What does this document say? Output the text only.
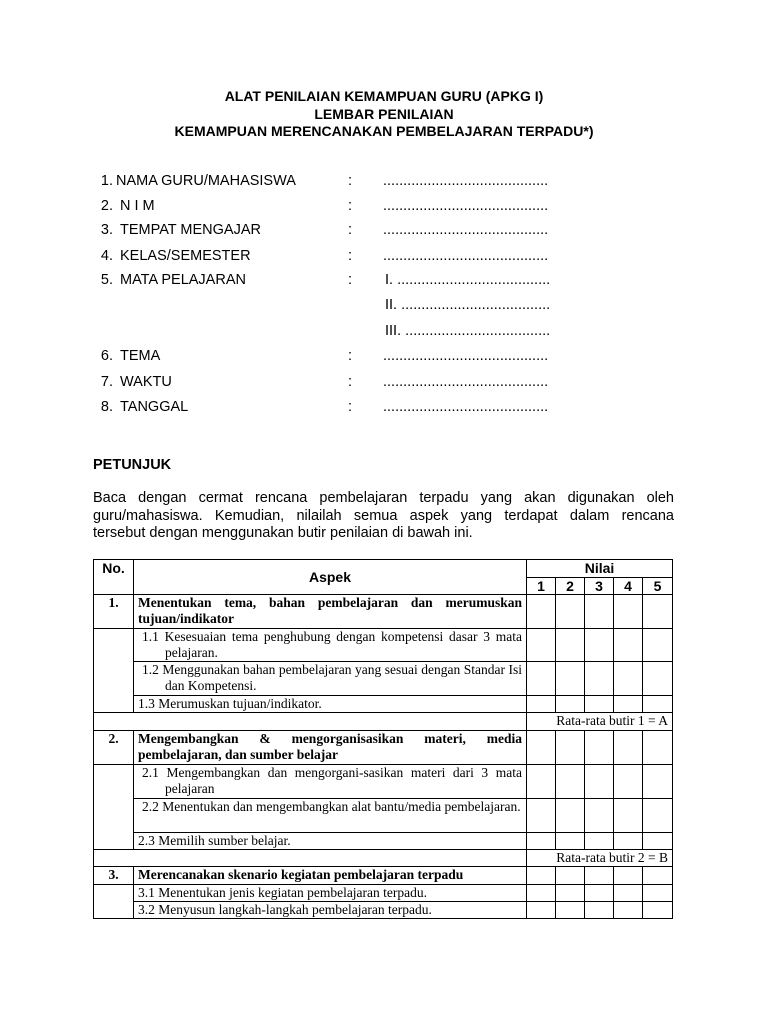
ALAT PENILAIAN KEMAMPUAN GURU (APKG I)
LEMBAR PENILAIAN
KEMAMPUAN MERENCANAKAN PEMBELAJARAN TERPADU*)
1. NAMA GURU/MAHASISWA	: .........................................
2. N I M	: .........................................
3. TEMPAT MENGAJAR	: .........................................
4. KELAS/SEMESTER	: .........................................
5. MATA PELAJARAN	: I. ......................................
II. .....................................
III. ....................................
6. TEMA	: .........................................
7. WAKTU	: .........................................
8. TANGGAL	: .........................................
PETUNJUK

Baca dengan cermat rencana pembelajaran terpadu yang akan digunakan oleh
guru/mahasiswa. Kemudian, nilailah semua aspek yang terdapat dalam rencana
tersebut dengan menggunakan butir penilaian di bawah ini.

No.	Aspek	Nilai				
		1	2	3	4	5
1.	Menentukan tema, bahan pembelajaran dan merumuskan tujuan/indikator					
	1.1 Kesesuaian tema penghubung dengan kompetensi dasar 3 mata pelajaran.					
	1.2 Menggunakan bahan pembelajaran yang sesuai dengan Standar Isi dan Kompetensi.					
	1.3 Merumuskan tujuan/indikator.					
		Rata-rata butir 1 = A				
2.	Mengembangkan & mengorganisasikan materi, media pembelajaran, dan sumber belajar					
	2.1 Mengembangkan dan mengorgani-sasikan materi dari 3 mata pelajaran					
	2.2 Menentukan dan mengembangkan alat bantu/media pembelajaran.					
	2.3 Memilih sumber belajar.					
		Rata-rata butir 2 = B				
3.	Merencanakan skenario kegiatan pembelajaran terpadu					
	3.1 Menentukan jenis kegiatan pembelajaran terpadu.					
	3.2 Menyusun langkah-langkah pembelajaran terpadu.					
